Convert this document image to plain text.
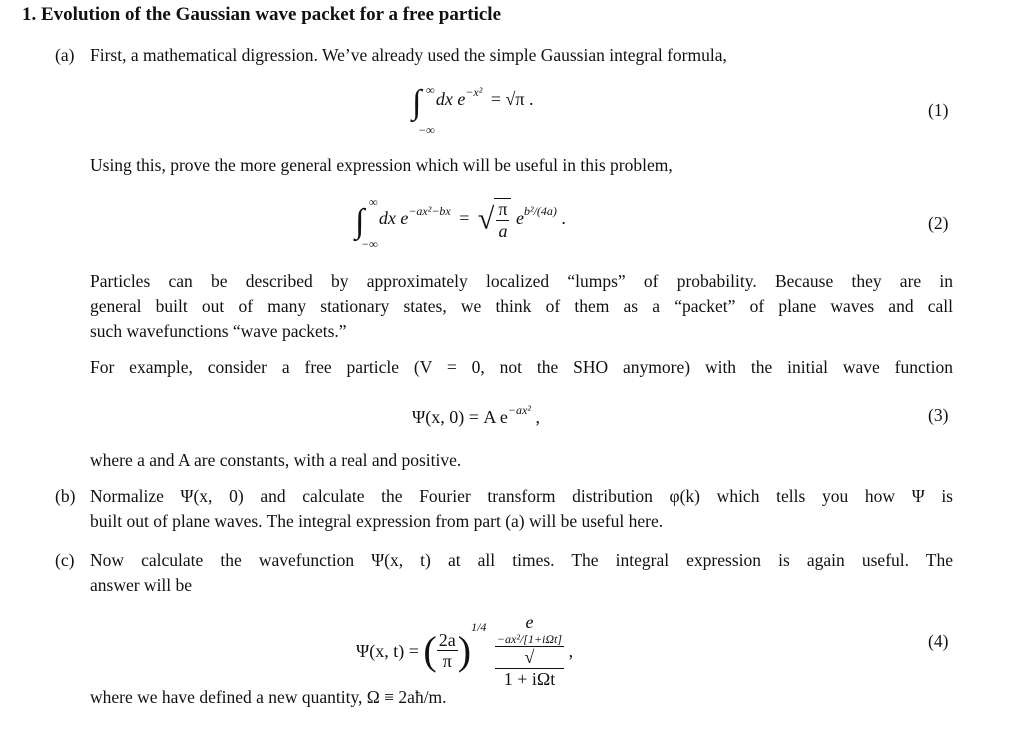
1. Evolution of the Gaussian wave packet for a free particle
(a) First, a mathematical digression. We’ve already used the simple Gaussian integral formula,
∫ ∞
−∞
dx $e^{-x^2} = √\pi$ .
(1)
Using this, prove the more general expression which will be useful in this problem,
∫
∞
−∞
dx $e^{-ax^2-bx}$ = √ $\frac{\pi}{a} e^{b^2/(4a)}$ .	(2)
Particles can be described by approximately localized “lumps” of probability. Because they are in
general built out of many stationary states, we think of them as a “packet” of plane waves and call
such wavefunctions “wave packets.”
For example, consider a free particle (V = 0, not the SHO anymore) with the initial wave function
Ψ(x, 0) = A $e^{-ax^2}$ ,	(3)
where a and A are constants, with a real and positive.
(b) Normalize Ψ(x, 0) and calculate the Fourier transform distribution φ(k) which tells you how Ψ is
built out of plane waves. The integral expression from part (a) will be useful here.
(c) Now calculate the wavefunction Ψ(x, t) at all times. The integral expression is again useful. The
answer will be
Ψ(x, t) = ( $\frac{2a}{\pi} )^{1/4}$ e
−ax²/[1+iΩt]
√
1 + iΩt ,	(4)
where we have defined a new quantity, Ω ≡ 2aħ/m.
